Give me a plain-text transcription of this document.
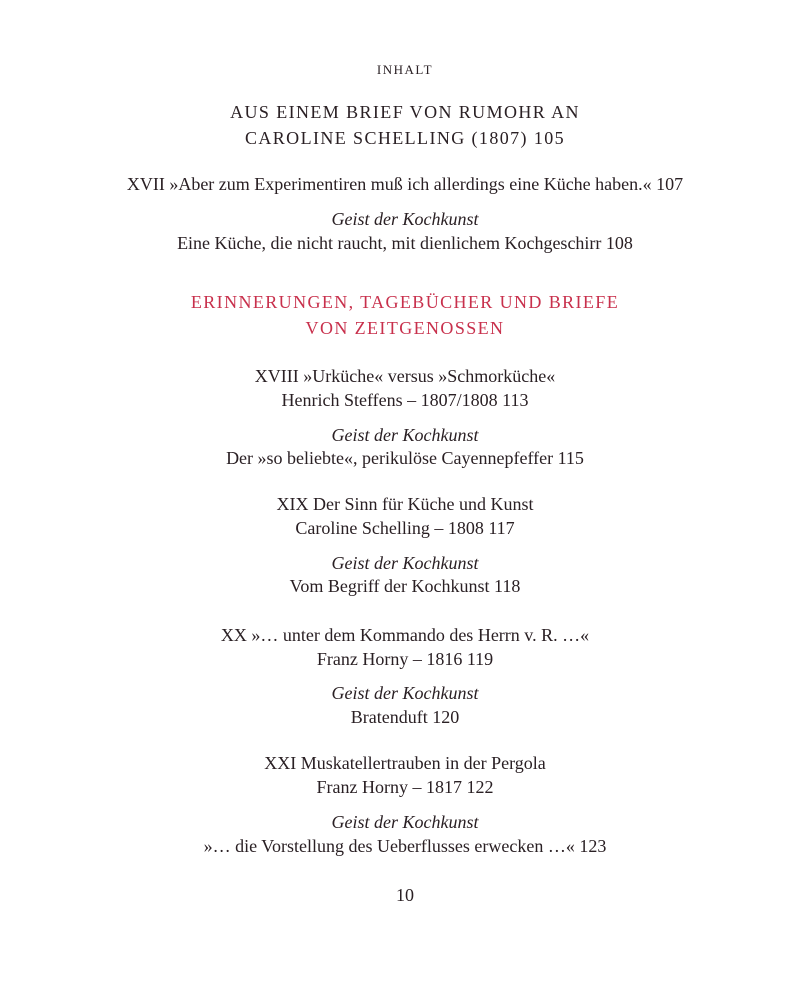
INHALT
AUS EINEM BRIEF VON RUMOHR AN
CAROLINE SCHELLING (1807) 105
XVII »Aber zum Experimentiren muß ich allerdings eine Küche haben.« 107
Geist der Kochkunst
Eine Küche, die nicht raucht, mit dienlichem Kochgeschirr 108
ERINNERUNGEN, TAGEBÜCHER UND BRIEFE
VON ZEITGENOSSEN
XVIII »Urküche« versus »Schmorküche«
Henrich Steffens – 1807/1808 113
Geist der Kochkunst
Der »so beliebte«, perikulöse Cayennepfeffer 115
XIX Der Sinn für Küche und Kunst
Caroline Schelling – 1808 117
Geist der Kochkunst
Vom Begriff der Kochkunst 118
XX »… unter dem Kommando des Herrn v. R. …«
Franz Horny – 1816 119
Geist der Kochkunst
Bratenduft 120
XXI Muskatellertrauben in der Pergola
Franz Horny – 1817 122
Geist der Kochkunst
»… die Vorstellung des Ueberflusses erwecken …« 123
10
